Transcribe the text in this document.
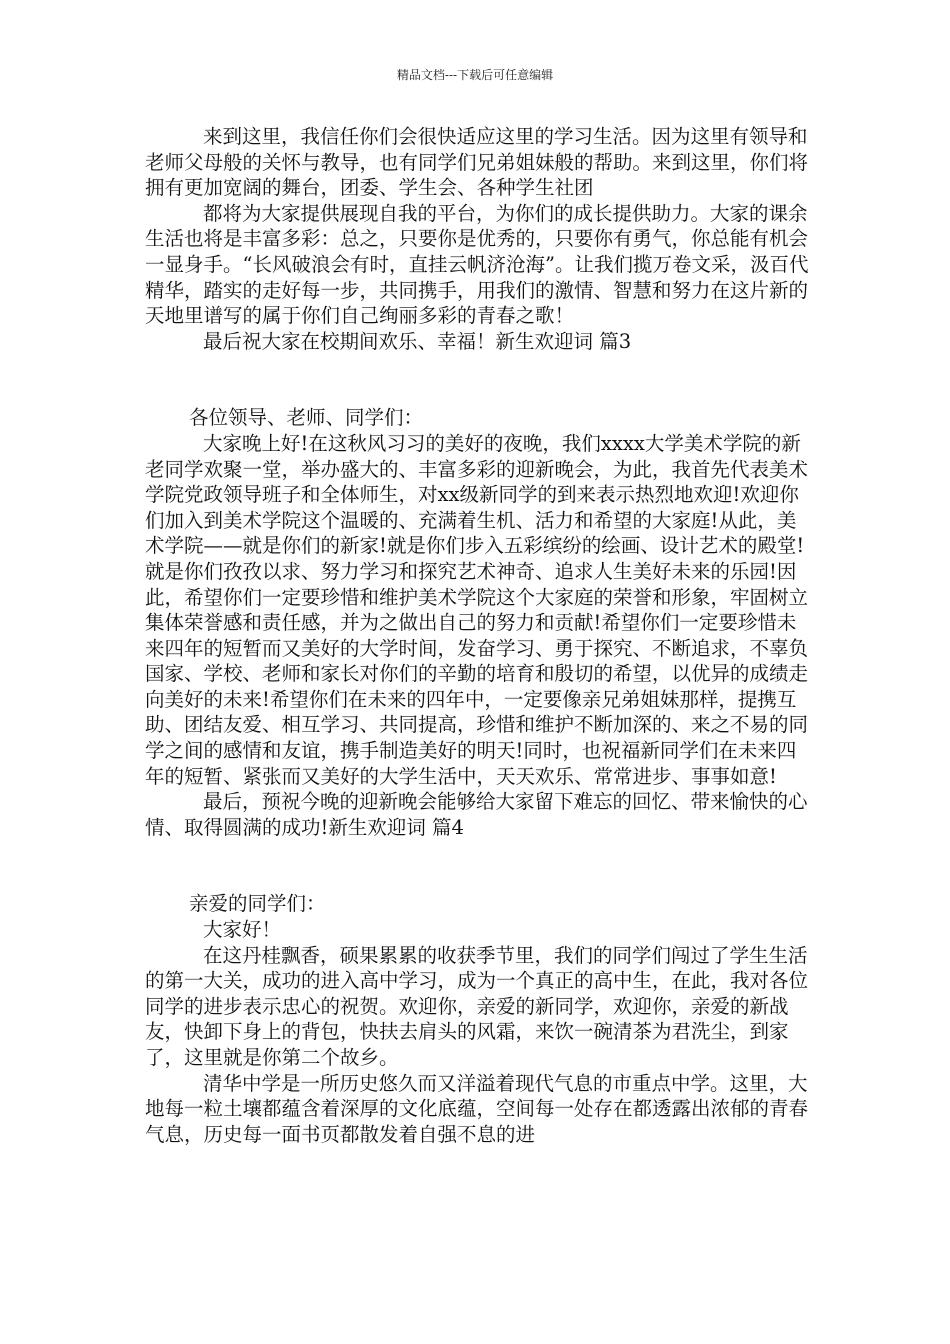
精品文档---下载后可任意编辑

来到这里，我信任你们会很快适应这里的学习生活。因为这里有领导和老师父母般的关怀与教导，也有同学们兄弟姐妹般的帮助。来到这里，你们将拥有更加宽阔的舞台，团委、学生会、各种学生社团

都将为大家提供展现自我的平台，为你们的成长提供助力。大家的课余生活也将是丰富多彩：总之，只要你是优秀的，只要你有勇气，你总能有机会一显身手。“长风破浪会有时，直挂云帆济沧海”。让我们揽万卷文采，汲百代精华，踏实的走好每一步，共同携手，用我们的激情、智慧和努力在这片新的天地里谱写的属于你们自己绚丽多彩的青春之歌！

最后祝大家在校期间欢乐、幸福！新生欢迎词 篇3

各位领导、老师、同学们：

大家晚上好!在这秋风习习的美好的夜晚，我们xxxx大学美术学院的新老同学欢聚一堂，举办盛大的、丰富多彩的迎新晚会，为此，我首先代表美术学院党政领导班子和全体师生，对xx级新同学的到来表示热烈地欢迎!欢迎你们加入到美术学院这个温暖的、充满着生机、活力和希望的大家庭!从此，美术学院——就是你们的新家!就是你们步入五彩缤纷的绘画、设计艺术的殿堂!就是你们孜孜以求、努力学习和探究艺术神奇、追求人生美好未来的乐园!因此，希望你们一定要珍惜和维护美术学院这个大家庭的荣誉和形象，牢固树立集体荣誉感和责任感，并为之做出自己的努力和贡献!希望你们一定要珍惜未来四年的短暂而又美好的大学时间，发奋学习、勇于探究、不断追求，不辜负国家、学校、老师和家长对你们的辛勤的培育和殷切的希望，以优异的成绩走向美好的未来!希望你们在未来的四年中，一定要像亲兄弟姐妹那样，提携互助、团结友爱、相互学习、共同提高，珍惜和维护不断加深的、来之不易的同学之间的感情和友谊，携手制造美好的明天!同时，也祝福新同学们在未来四年的短暂、紧张而又美好的大学生活中，天天欢乐、常常进步、事事如意!

最后，预祝今晚的迎新晚会能够给大家留下难忘的回忆、带来愉快的心情、取得圆满的成功!新生欢迎词 篇4

亲爱的同学们：

大家好！

在这丹桂飘香，硕果累累的收获季节里，我们的同学们闯过了学生生活的第一大关，成功的进入高中学习，成为一个真正的高中生，在此，我对各位同学的进步表示忠心的祝贺。欢迎你，亲爱的新同学，欢迎你，亲爱的新战友，快卸下身上的背包，快扶去肩头的风霜，来饮一碗清茶为君洗尘，到家了，这里就是你第二个故乡。

清华中学是一所历史悠久而又洋溢着现代气息的市重点中学。这里，大地每一粒土壤都蕴含着深厚的文化底蕴，空间每一处存在都透露出浓郁的青春气息，历史每一面书页都散发着自强不息的进
